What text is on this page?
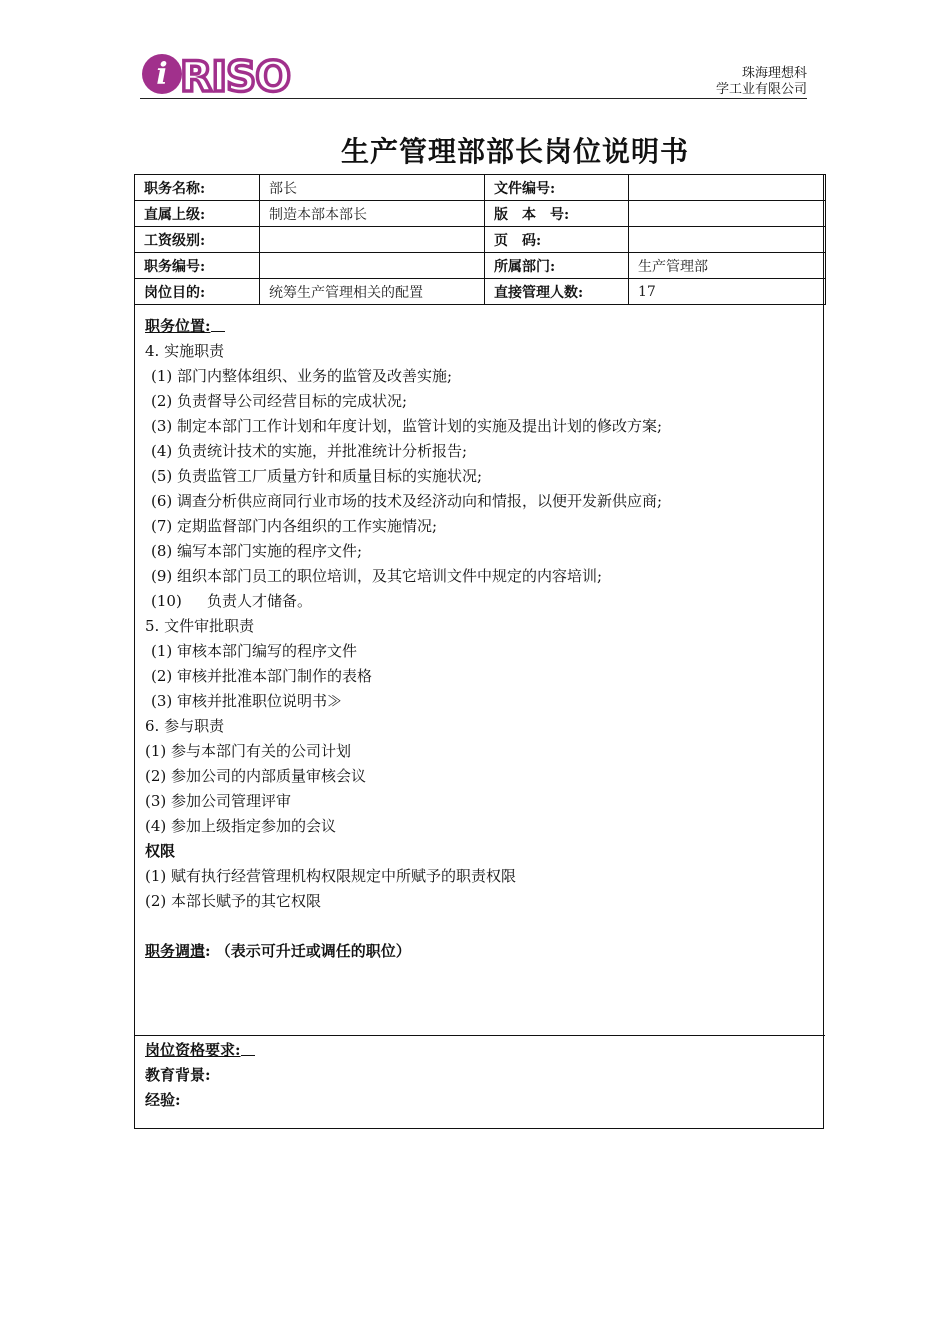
i RISO	珠海理想科
学工业有限公司
生产管理部部长岗位说明书
职务名称:	部长	文件编号:	
直属上级:	制造本部本部长	版　本　号:	
工资级别:		页　码:	
职务编号:		所属部门:	生产管理部
岗位目的:	统筹生产管理相关的配置	直接管理人数:	17
职务位置:
4. 实施职责
(1) 部门内整体组织、业务的监管及改善实施;
(2) 负责督导公司经营目标的完成状况;
(3) 制定本部门工作计划和年度计划，监管计划的实施及提出计划的修改方案;
(4) 负责统计技术的实施，并批准统计分析报告;
(5) 负责监管工厂质量方针和质量目标的实施状况;
(6) 调查分析供应商同行业市场的技术及经济动向和情报，以便开发新供应商;
(7) 定期监督部门内各组织的工作实施情况;
(8) 编写本部门实施的程序文件;
(9) 组织本部门员工的职位培训，及其它培训文件中规定的内容培训;
(10) 负责人才储备。
5. 文件审批职责
(1) 审核本部门编写的程序文件
(2) 审核并批准本部门制作的表格
(3) 审核并批准职位说明书≫
6. 参与职责
(1) 参与本部门有关的公司计划
(2) 参加公司的内部质量审核会议
(3) 参加公司管理评审
(4) 参加上级指定参加的会议
权限
(1) 赋有执行经营管理机构权限规定中所赋予的职责权限
(2) 本部长赋予的其它权限
职务调遣: （表示可升迁或调任的职位）
岗位资格要求:
教育背景:
经验:
